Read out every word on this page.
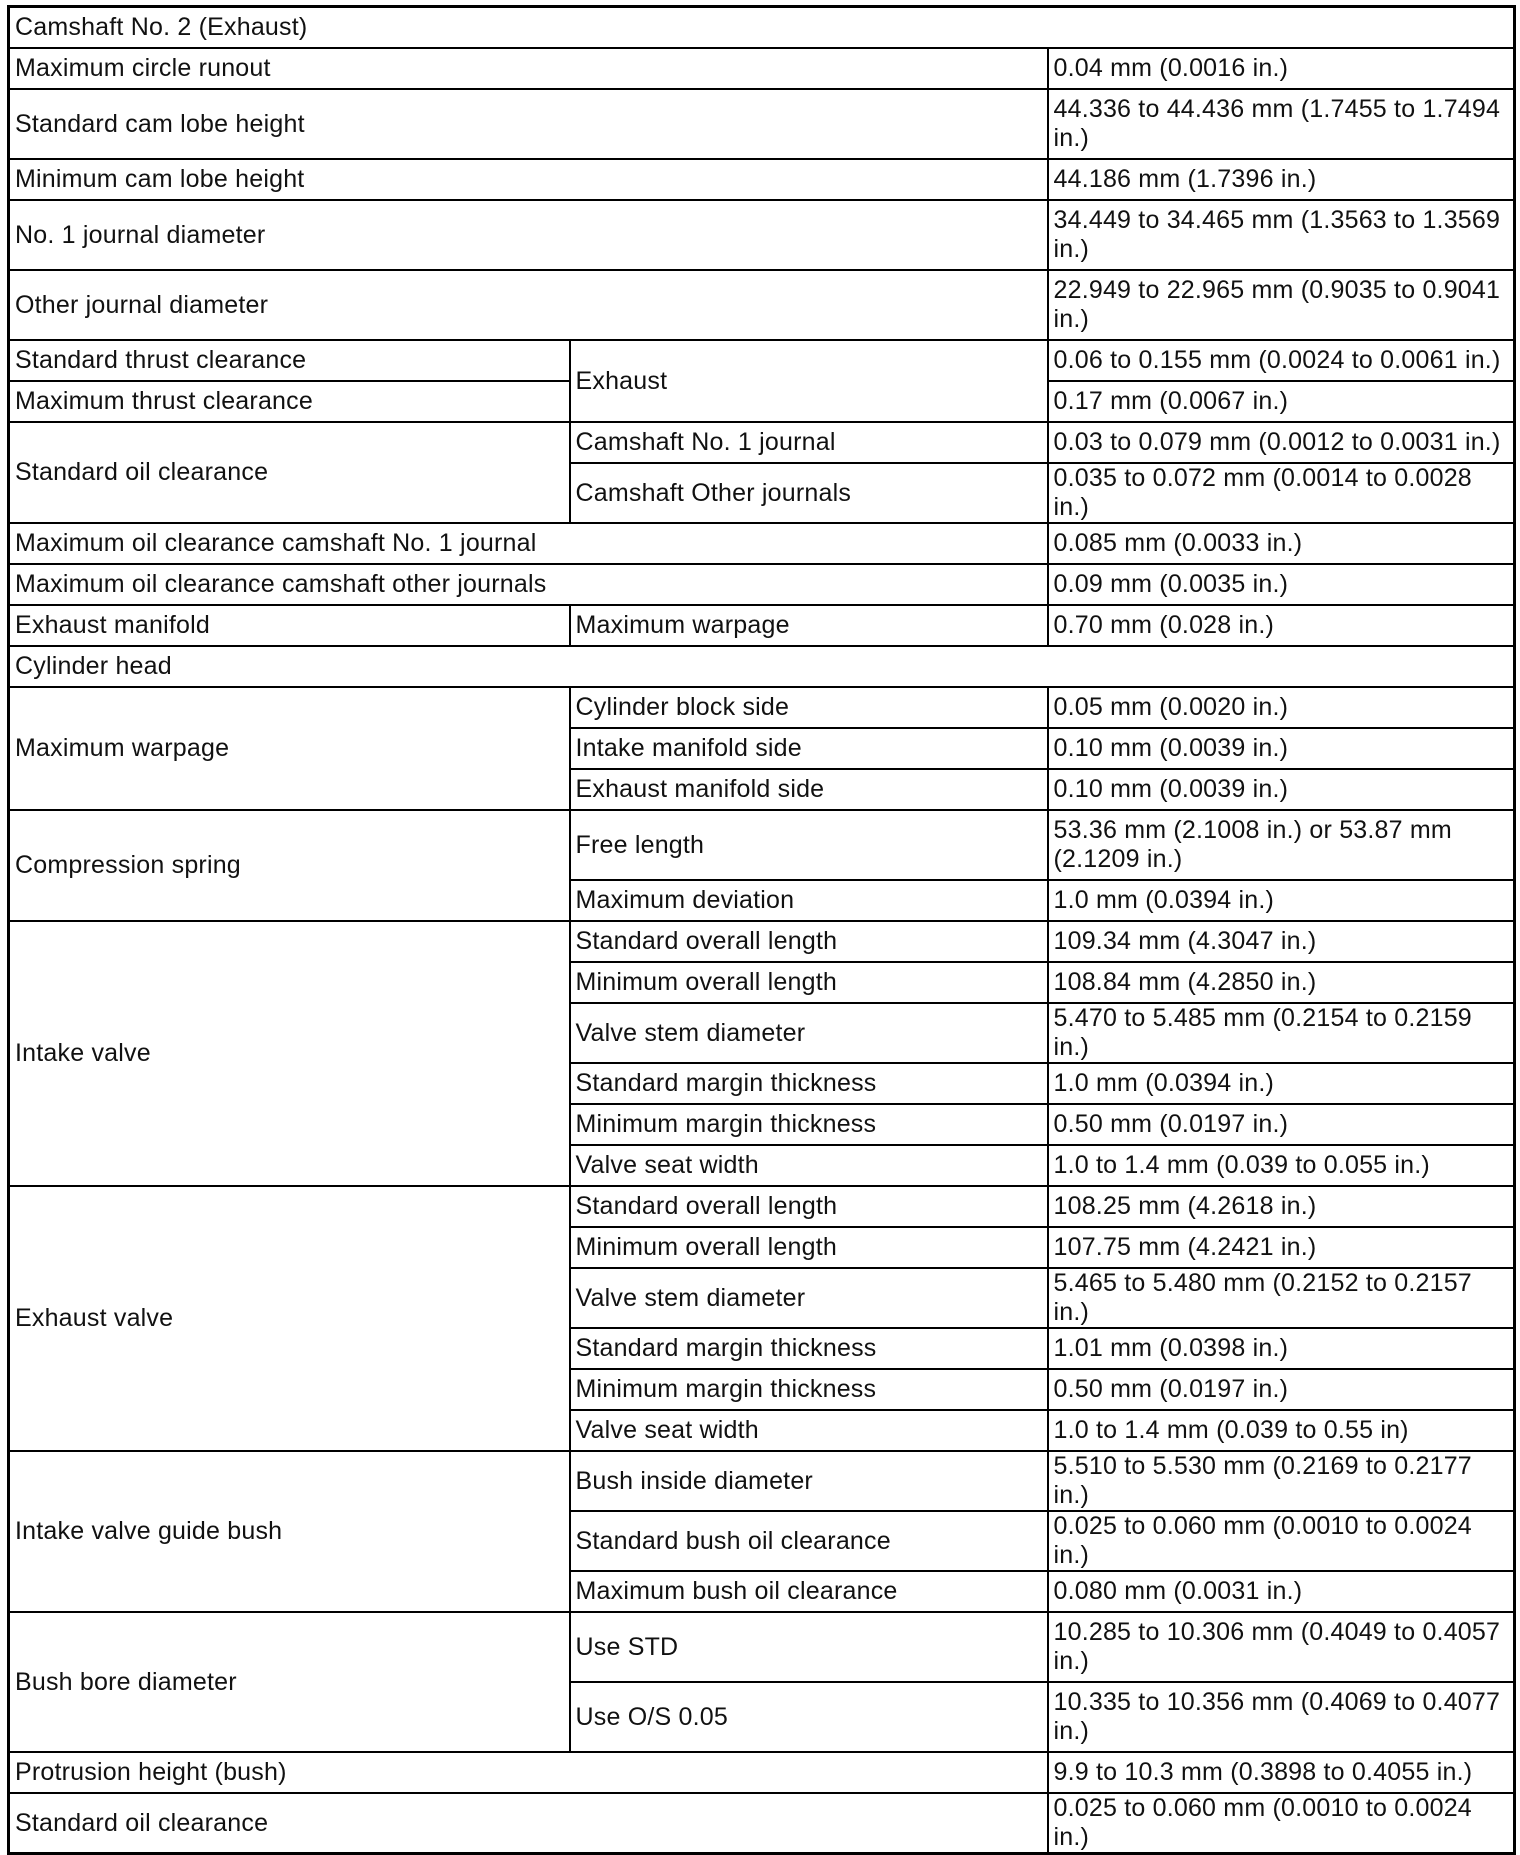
Camshaft No. 2 (Exhaust)		
Maximum circle runout		0.04 mm (0.0016 in.)
Standard cam lobe height		44.336 to 44.436 mm (1.7455 to 1.7494 in.)
Minimum cam lobe height		44.186 mm (1.7396 in.)
No. 1 journal diameter		34.449 to 34.465 mm (1.3563 to 1.3569 in.)
Other journal diameter		22.949 to 22.965 mm (0.9035 to 0.9041 in.)
Standard thrust clearance	Exhaust	0.06 to 0.155 mm (0.0024 to 0.0061 in.)
Maximum thrust clearance		0.17 mm (0.0067 in.)
Standard oil clearance	Camshaft No. 1 journal	0.03 to 0.079 mm (0.0012 to 0.0031 in.)
	Camshaft Other journals	0.035 to 0.072 mm (0.0014 to 0.0028 in.)
Maximum oil clearance camshaft No. 1 journal		0.085 mm (0.0033 in.)
Maximum oil clearance camshaft other journals		0.09 mm (0.0035 in.)
Exhaust manifold	Maximum warpage	0.70 mm (0.028 in.)
Cylinder head		
Maximum warpage	Cylinder block side	0.05 mm (0.0020 in.)
	Intake manifold side	0.10 mm (0.0039 in.)
	Exhaust manifold side	0.10 mm (0.0039 in.)
Compression spring	Free length	53.36 mm (2.1008 in.) or 53.87 mm (2.1209 in.)
	Maximum deviation	1.0 mm (0.0394 in.)
Intake valve	Standard overall length	109.34 mm (4.3047 in.)
	Minimum overall length	108.84 mm (4.2850 in.)
	Valve stem diameter	5.470 to 5.485 mm (0.2154 to 0.2159 in.)
	Standard margin thickness	1.0 mm (0.0394 in.)
	Minimum margin thickness	0.50 mm (0.0197 in.)
	Valve seat width	1.0 to 1.4 mm (0.039 to 0.055 in.)
Exhaust valve	Standard overall length	108.25 mm (4.2618 in.)
	Minimum overall length	107.75 mm (4.2421 in.)
	Valve stem diameter	5.465 to 5.480 mm (0.2152 to 0.2157 in.)
	Standard margin thickness	1.01 mm (0.0398 in.)
	Minimum margin thickness	0.50 mm (0.0197 in.)
	Valve seat width	1.0 to 1.4 mm (0.039 to 0.55 in)
Intake valve guide bush	Bush inside diameter	5.510 to 5.530 mm (0.2169 to 0.2177 in.)
	Standard bush oil clearance	0.025 to 0.060 mm (0.0010 to 0.0024 in.)
	Maximum bush oil clearance	0.080 mm (0.0031 in.)
Bush bore diameter	Use STD	10.285 to 10.306 mm (0.4049 to 0.4057 in.)
	Use O/S 0.05	10.335 to 10.356 mm (0.4069 to 0.4077 in.)
Protrusion height (bush)		9.9 to 10.3 mm (0.3898 to 0.4055 in.)
Standard oil clearance		0.025 to 0.060 mm (0.0010 to 0.0024 in.)
